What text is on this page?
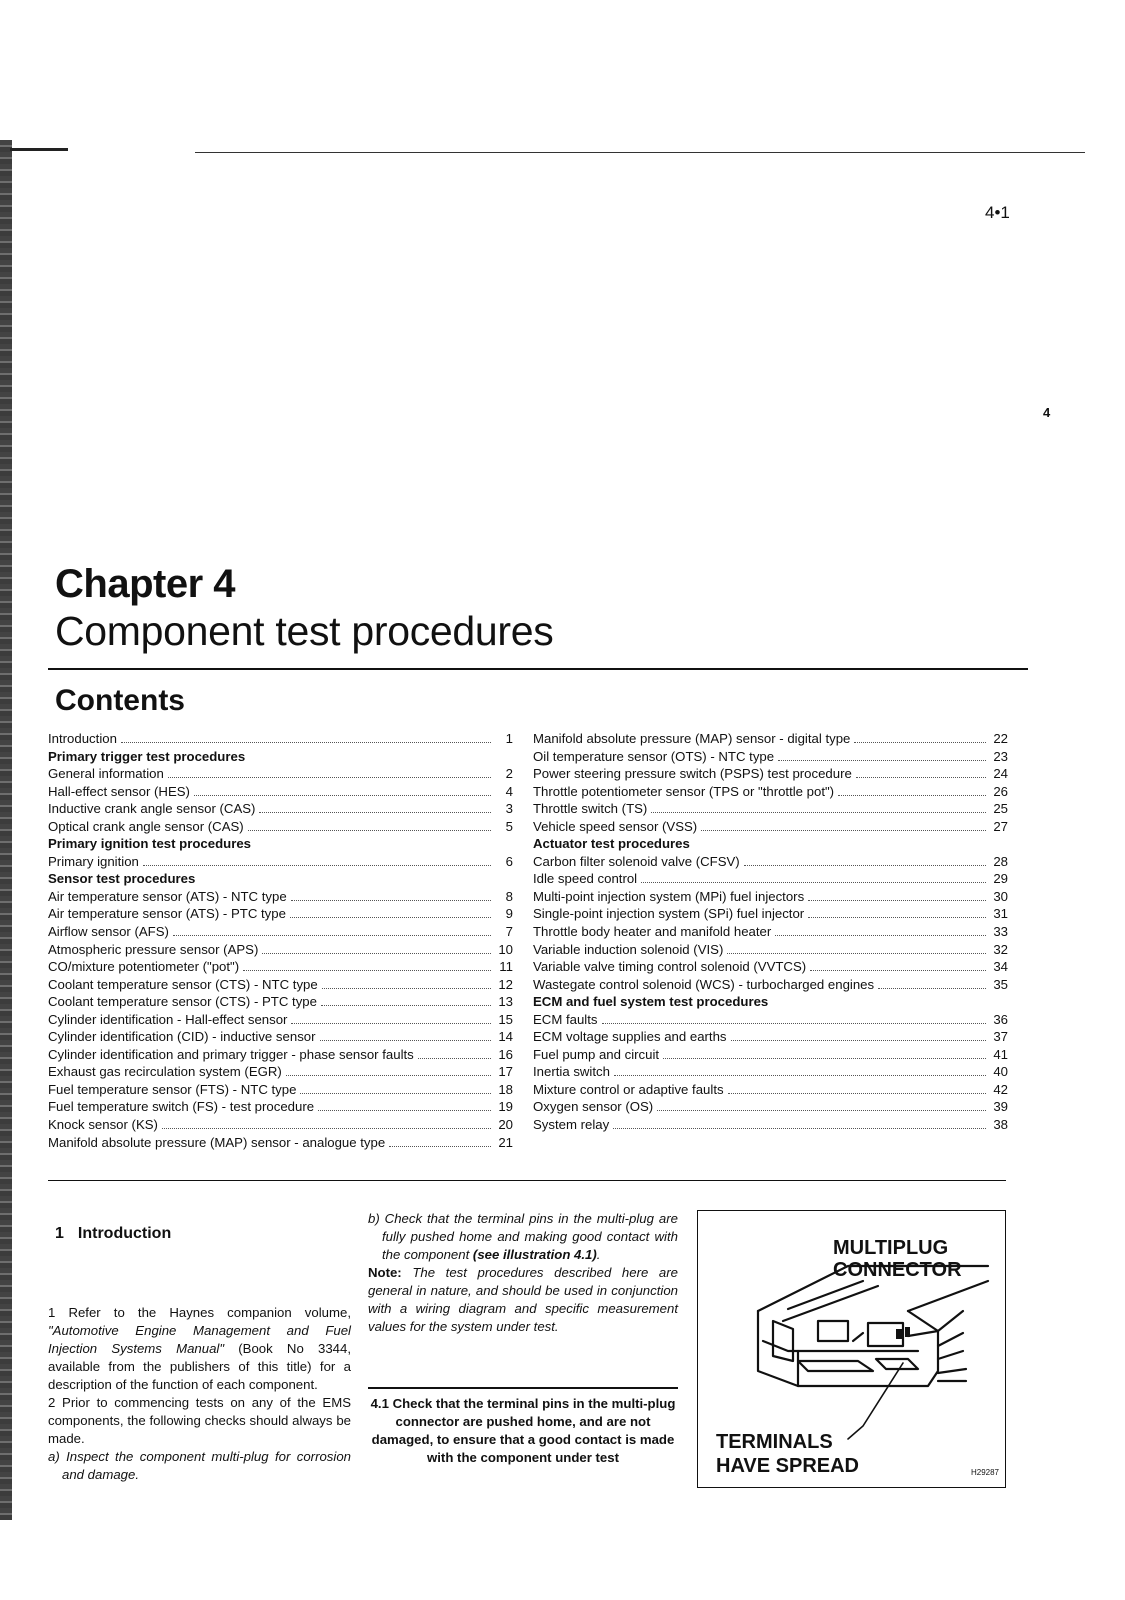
4•1
4
Chapter 4
Component test procedures
Contents
Introduction	1
Primary trigger test procedures
General information	2
Hall-effect sensor (HES)	4
Inductive crank angle sensor (CAS)	3
Optical crank angle sensor (CAS)	5
Primary ignition test procedures
Primary ignition	6
Sensor test procedures
Air temperature sensor (ATS) - NTC type	8
Air temperature sensor (ATS) - PTC type	9
Airflow sensor (AFS)	7
Atmospheric pressure sensor (APS)	10
CO/mixture potentiometer ("pot")	11
Coolant temperature sensor (CTS) - NTC type	12
Coolant temperature sensor (CTS) - PTC type	13
Cylinder identification - Hall-effect sensor	15
Cylinder identification (CID) - inductive sensor	14
Cylinder identification and primary trigger - phase sensor faults	16
Exhaust gas recirculation system (EGR)	17
Fuel temperature sensor (FTS) - NTC type	18
Fuel temperature switch (FS) - test procedure	19
Knock sensor (KS)	20
Manifold absolute pressure (MAP) sensor - analogue type	21
Manifold absolute pressure (MAP) sensor - digital type	22
Oil temperature sensor (OTS) - NTC type	23
Power steering pressure switch (PSPS) test procedure	24
Throttle potentiometer sensor (TPS or "throttle pot")	26
Throttle switch (TS)	25
Vehicle speed sensor (VSS)	27
Actuator test procedures
Carbon filter solenoid valve (CFSV)	28
Idle speed control	29
Multi-point injection system (MPi) fuel injectors	30
Single-point injection system (SPi) fuel injector	31
Throttle body heater and manifold heater	33
Variable induction solenoid (VIS)	32
Variable valve timing control solenoid (VVTCS)	34
Wastegate control solenoid (WCS) - turbocharged engines	35
ECM and fuel system test procedures
ECM faults	36
ECM voltage supplies and earths	37
Fuel pump and circuit	41
Inertia switch	40
Mixture control or adaptive faults	42
Oxygen sensor (OS)	39
System relay	38
1 Introduction

1 Refer to the Haynes companion volume, "Automotive Engine Management and Fuel Injection Systems Manual" (Book No 3344, available from the publishers of this title) for a description of the function of each component.

2 Prior to commencing tests on any of the EMS components, the following checks should always be made.

a) Inspect the component multi-plug for corrosion and damage.

b) Check that the terminal pins in the multi-plug are fully pushed home and making good contact with the component (see illustration 4.1).

Note: The test procedures described here are general in nature, and should be used in conjunction with a wiring diagram and specific measurement values for the system under test.

4.1 Check that the terminal pins in the multi-plug connector are pushed home, and are not damaged, to ensure that a good contact is made with the component under test
MULTIPLUG
CONNECTOR
TERMINALS
HAVE SPREAD	H29287
